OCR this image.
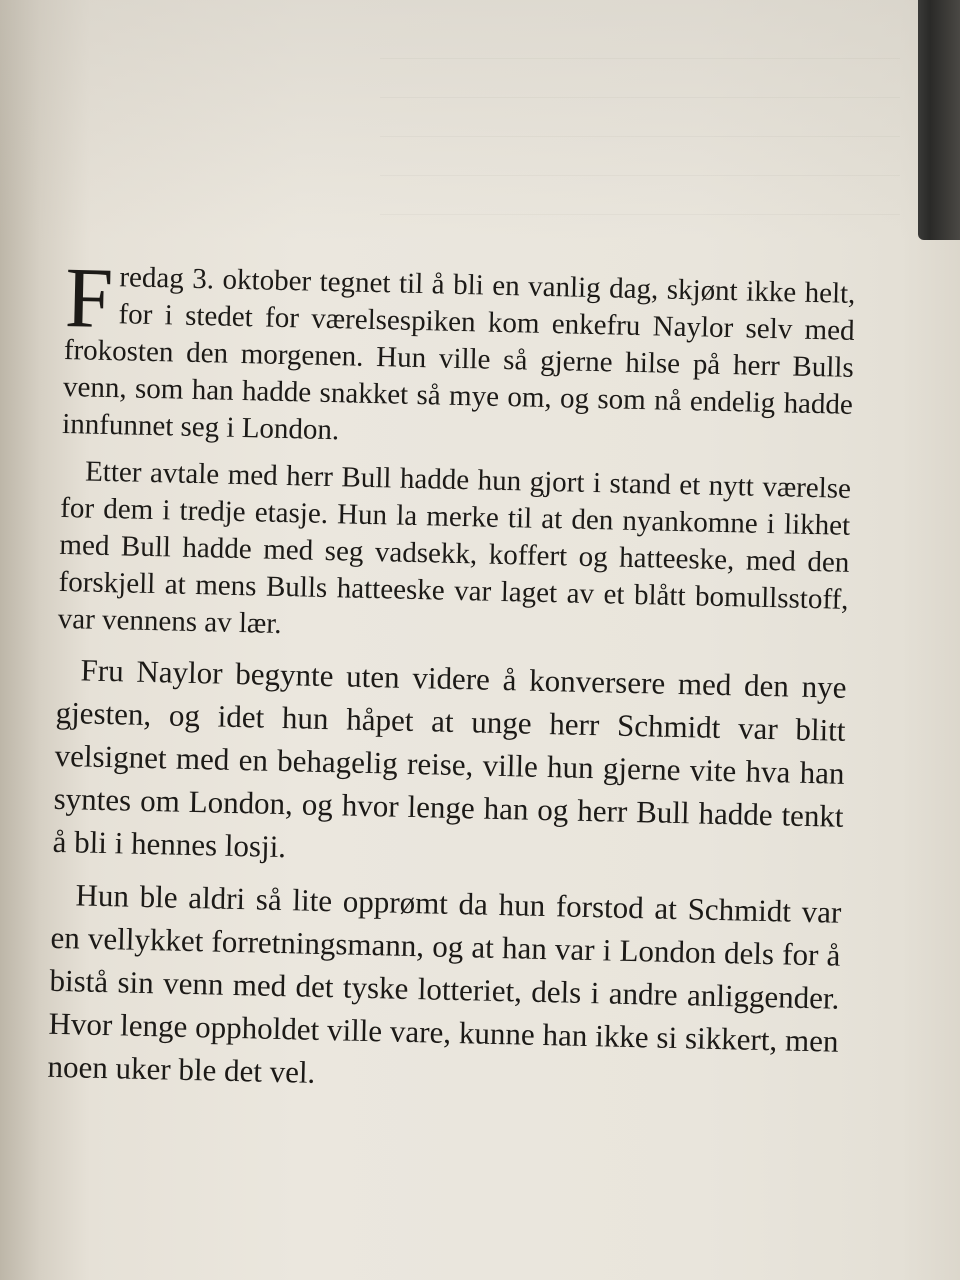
Fredag 3. oktober tegnet til å bli en vanlig dag, skjønt ikke helt, for i stedet for værelsespiken kom enkefru Naylor selv med frokosten den morgenen. Hun ville så gjerne hilse på herr Bulls venn, som han hadde snakket så mye om, og som nå endelig hadde innfunnet seg i London.

Etter avtale med herr Bull hadde hun gjort i stand et nytt værelse for dem i tredje etasje. Hun la merke til at den nyankomne i likhet med Bull hadde med seg vadsekk, koffert og hatteeske, med den forskjell at mens Bulls hatteeske var laget av et blått bomullsstoff, var vennens av lær.

Fru Naylor begynte uten videre å konversere med den nye gjesten, og idet hun håpet at unge herr Schmidt var blitt velsignet med en behagelig reise, ville hun gjerne vite hva han syntes om London, og hvor lenge han og herr Bull hadde tenkt å bli i hennes losji.

Hun ble aldri så lite opprømt da hun forstod at Schmidt var en vellykket forretningsmann, og at han var i London dels for å bistå sin venn med det tyske lotteriet, dels i andre anliggender. Hvor lenge oppholdet ville vare, kunne han ikke si sikkert, men noen uker ble det vel.
